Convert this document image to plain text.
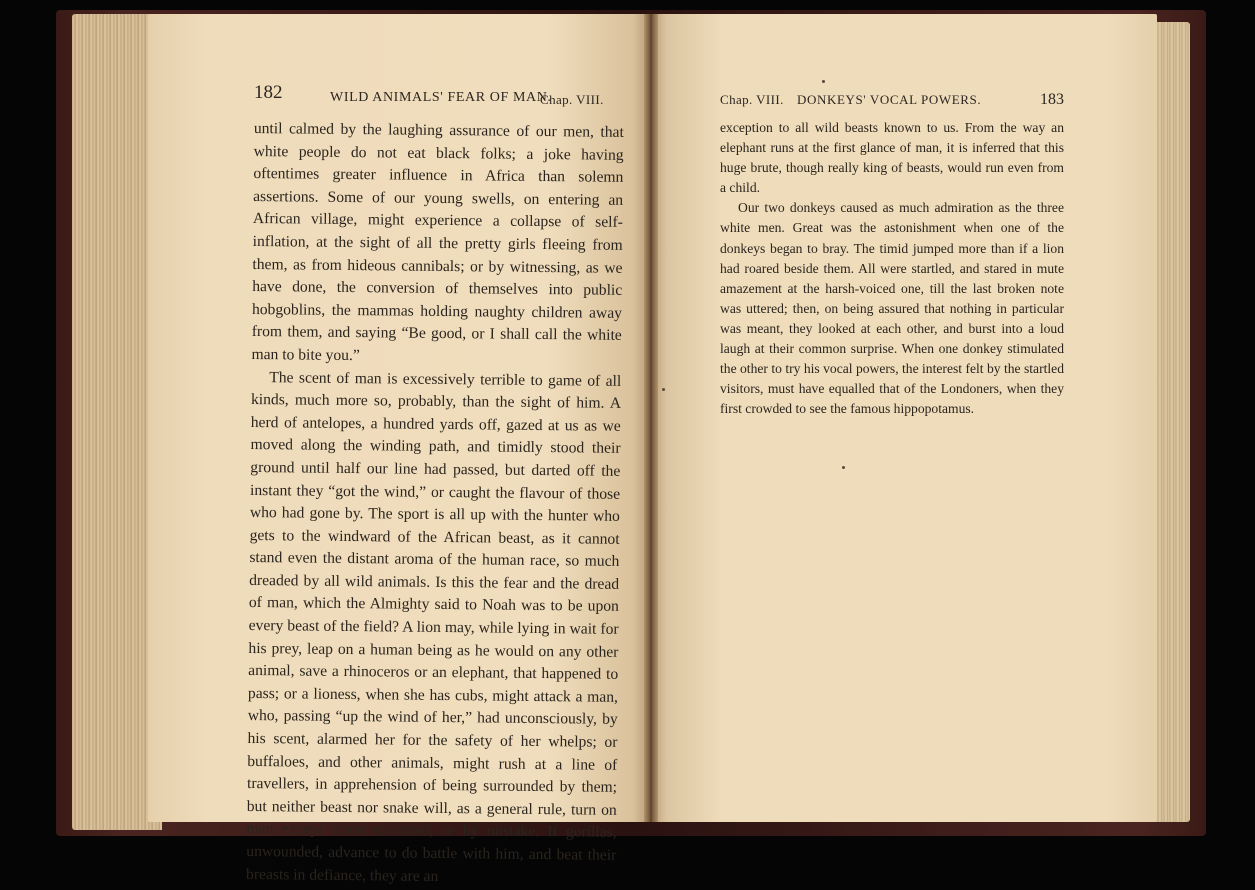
182	WILD ANIMALS' FEAR OF MAN.
Chap. VIII.	Chap. VIII. DONKEYS' VOCAL POWERS.	183

until calmed by the laughing assurance of our men, that white people do not eat black folks; a joke having oftentimes greater influence in Africa than solemn assertions. Some of our young swells, on entering an African village, might experience a collapse of self-inflation, at the sight of all the pretty girls fleeing from them, as from hideous cannibals; or by witnessing, as we have done, the conversion of themselves into public hobgoblins, the mammas holding naughty children away from them, and saying “Be good, or I shall call the white man to bite you.”

The scent of man is excessively terrible to game of all kinds, much more so, probably, than the sight of him. A herd of antelopes, a hundred yards off, gazed at us as we moved along the winding path, and timidly stood their ground until half our line had passed, but darted off the instant they “got the wind,” or caught the flavour of those who had gone by. The sport is all up with the hunter who gets to the windward of the African beast, as it cannot stand even the distant aroma of the human race, so much dreaded by all wild animals. Is this the fear and the dread of man, which the Almighty said to Noah was to be upon every beast of the field? A lion may, while lying in wait for his prey, leap on a human being as he would on any other animal, save a rhinoceros or an elephant, that happened to pass; or a lioness, when she has cubs, might attack a man, who, passing “up the wind of her,” had unconsciously, by his scent, alarmed her for the safety of her whelps; or buffaloes, and other animals, might rush at a line of travellers, in apprehension of being surrounded by them; but neither beast nor snake will, as a general rule, turn on man except when wounded, or by mistake. If gorillas, unwounded, advance to do battle with him, and beat their breasts in defiance, they are an

exception to all wild beasts known to us. From the way an elephant runs at the first glance of man, it is inferred that this huge brute, though really king of beasts, would run even from a child.

Our two donkeys caused as much admiration as the three white men. Great was the astonishment when one of the donkeys began to bray. The timid jumped more than if a lion had roared beside them. All were startled, and stared in mute amazement at the harsh-voiced one, till the last broken note was uttered; then, on being assured that nothing in particular was meant, they looked at each other, and burst into a loud laugh at their common surprise. When one donkey stimulated the other to try his vocal powers, the interest felt by the startled visitors, must have equalled that of the Londoners, when they first crowded to see the famous hippopotamus.
